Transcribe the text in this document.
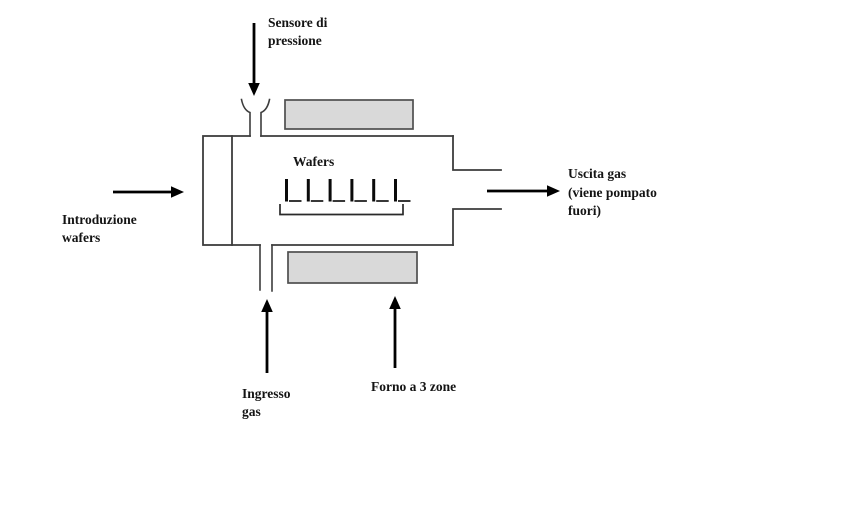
Sensore di
pressione
Wafers
Introduzione
wafers
Uscita gas
(viene pompato
fuori)
Ingresso
gas
Forno a 3 zone
